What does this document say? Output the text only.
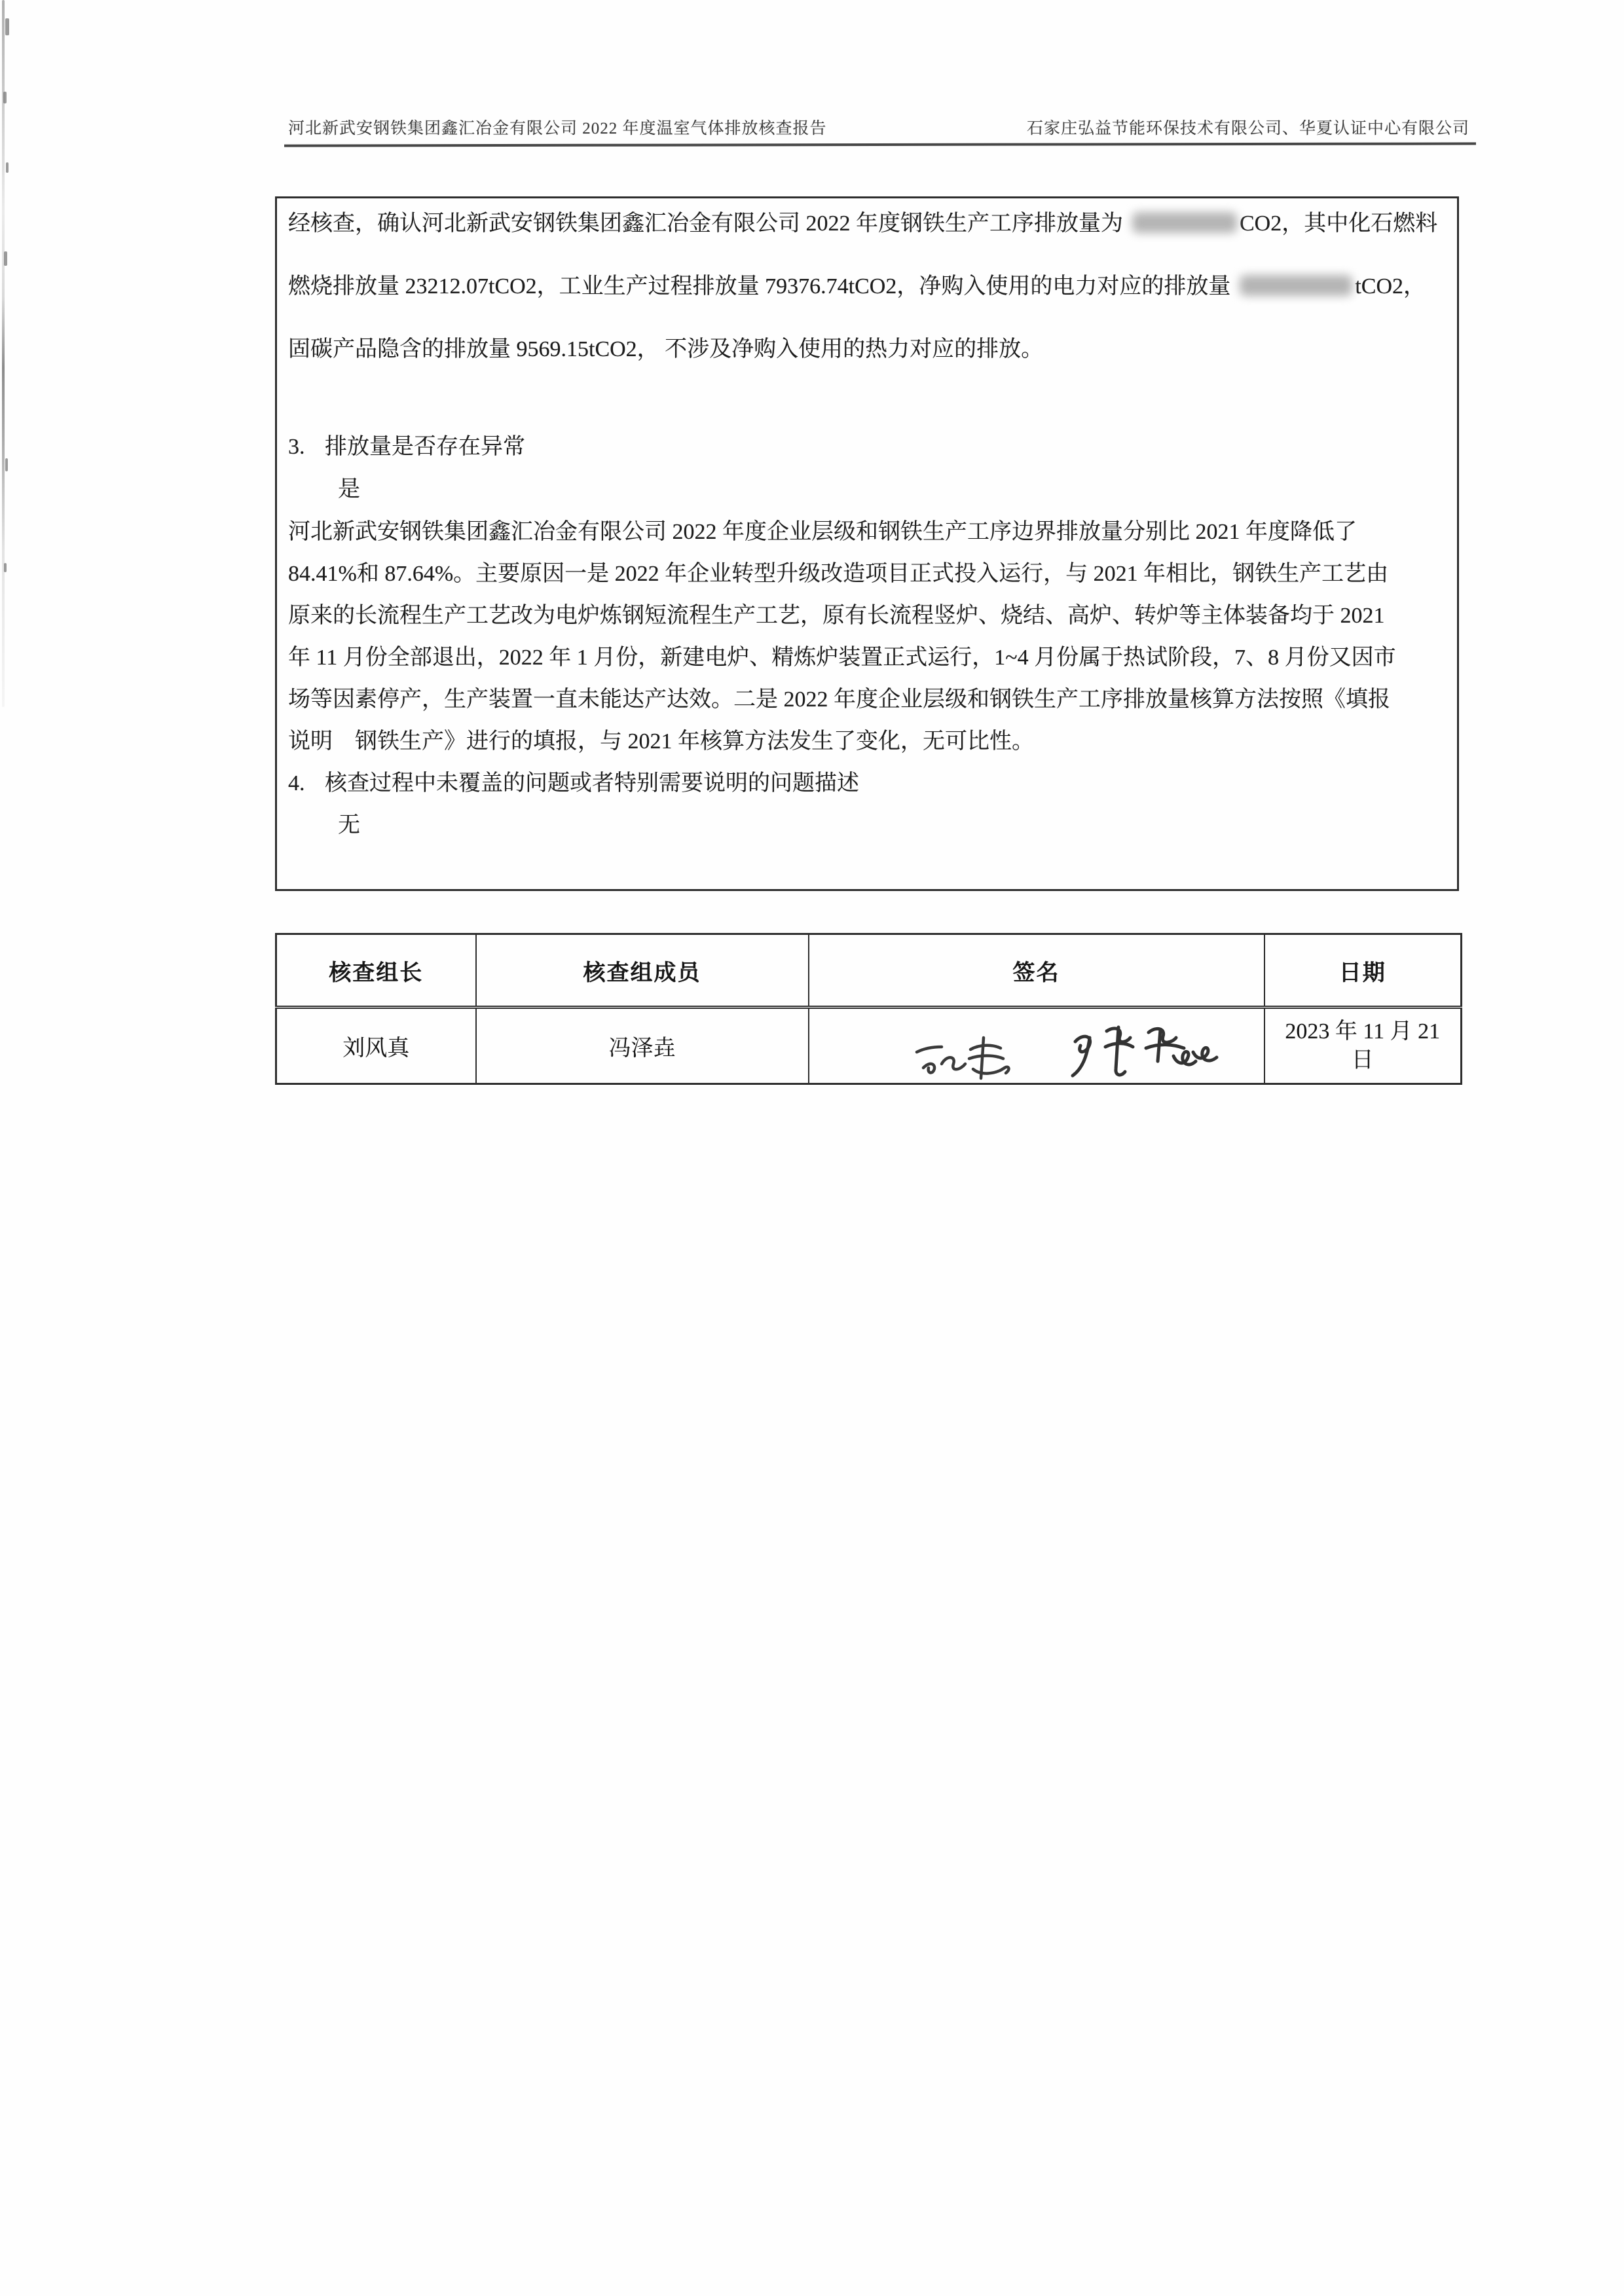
河北新武安钢铁集团鑫汇冶金有限公司 2022 年度温室气体排放核查报告	石家庄弘益节能环保技术有限公司、华夏认证中心有限公司
经核查，确认河北新武安钢铁集团鑫汇冶金有限公司 2022 年度钢铁生产工序排放量为	CO2，其中化石燃料
燃烧排放量 23212.07tCO2，工业生产过程排放量 79376.74tCO2，净购入使用的电力对应的排放量	tCO2，
固碳产品隐含的排放量 9569.15tCO2， 不涉及净购入使用的热力对应的排放。
3. 排放量是否存在异常
是
河北新武安钢铁集团鑫汇冶金有限公司 2022 年度企业层级和钢铁生产工序边界排放量分别比 2021 年度降低了
84.41%和 87.64%。主要原因一是 2022 年企业转型升级改造项目正式投入运行，与 2021 年相比，钢铁生产工艺由
原来的长流程生产工艺改为电炉炼钢短流程生产工艺，原有长流程竖炉、烧结、高炉、转炉等主体装备均于 2021
年 11 月份全部退出，2022 年 1 月份，新建电炉、精炼炉装置正式运行，1~4 月份属于热试阶段，7、8 月份又因市
场等因素停产，生产装置一直未能达产达效。二是 2022 年度企业层级和钢铁生产工序排放量核算方法按照《填报
说明　钢铁生产》进行的填报，与 2021 年核算方法发生了变化，无可比性。
4. 核查过程中未覆盖的问题或者特别需要说明的问题描述
无
核查组长	核查组成员	签名	日期
刘风真	冯泽垚		2023 年 11 月 21
日
